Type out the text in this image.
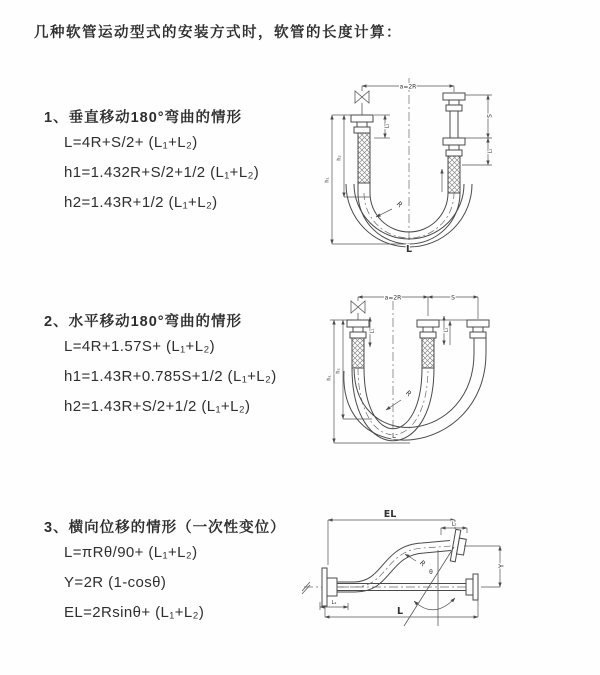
几种软管运动型式的安装方式时，软管的长度计算：
1、垂直移动180°弯曲的情形
L=4R+S/2+ (L₁+L₂)
h1=1.432R+S/2+1/2 (L₁+L₂)
h2=1.43R+1/2 (L₁+L₂)
2、水平移动180°弯曲的情形
L=4R+1.57S+ (L₁+L₂)
h1=1.43R+0.785S+1/2 (L₁+L₂)
h2=1.43R+S/2+1/2 (L₁+L₂)
3、横向位移的情形（一次性变位）
L=πRθ/90+ (L₁+L₂)
Y=2R (1-cosθ)
EL=2Rsinθ+ (L₁+L₂)
a=2R
S
L₂
L₁
h₁
h₂
R
L
a=2R	S
L₁	L₂
h₁
h₂
R
L
EL
L₂
Y
θ
R
L
L₁
